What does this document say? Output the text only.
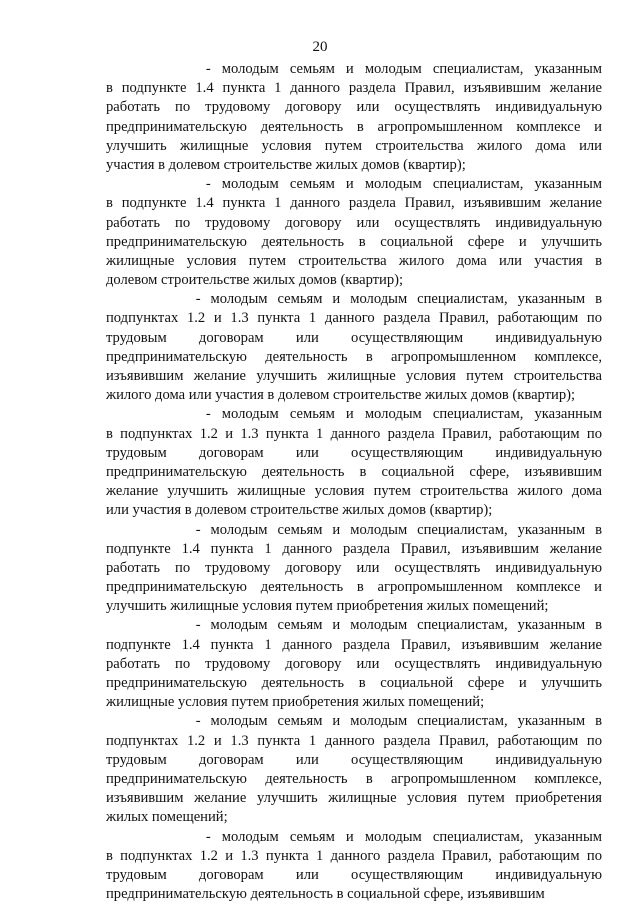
20
- молодым семьям и молодым специалистам, указанным
в подпункте 1.4 пункта 1 данного раздела Правил, изъявившим желание
работать по трудовому договору или осуществлять индивидуальную
предпринимательскую деятельность в агропромышленном комплексе и
улучшить жилищные условия путем строительства жилого дома или
участия в долевом строительстве жилых домов (квартир);
- молодым семьям и молодым специалистам, указанным
в подпункте 1.4 пункта 1 данного раздела Правил, изъявившим желание
работать по трудовому договору или осуществлять индивидуальную
предпринимательскую деятельность в социальной сфере и улучшить
жилищные условия путем строительства жилого дома или участия в
долевом строительстве жилых домов (квартир);
- молодым семьям и молодым специалистам, указанным в
подпунктах 1.2 и 1.3 пункта 1 данного раздела Правил, работающим по
трудовым договорам или осуществляющим индивидуальную
предпринимательскую деятельность в агропромышленном комплексе,
изъявившим желание улучшить жилищные условия путем строительства
жилого дома или участия в долевом строительстве жилых домов (квартир);
- молодым семьям и молодым специалистам, указанным
в подпунктах 1.2 и 1.3 пункта 1 данного раздела Правил, работающим по
трудовым договорам или осуществляющим индивидуальную
предпринимательскую деятельность в социальной сфере, изъявившим
желание улучшить жилищные условия путем строительства жилого дома
или участия в долевом строительстве жилых домов (квартир);
- молодым семьям и молодым специалистам, указанным в
подпункте 1.4 пункта 1 данного раздела Правил, изъявившим желание
работать по трудовому договору или осуществлять индивидуальную
предпринимательскую деятельность в агропромышленном комплексе и
улучшить жилищные условия путем приобретения жилых помещений;
- молодым семьям и молодым специалистам, указанным в
подпункте 1.4 пункта 1 данного раздела Правил, изъявившим желание
работать по трудовому договору или осуществлять индивидуальную
предпринимательскую деятельность в социальной сфере и улучшить
жилищные условия путем приобретения жилых помещений;
- молодым семьям и молодым специалистам, указанным в
подпунктах 1.2 и 1.3 пункта 1 данного раздела Правил, работающим по
трудовым договорам или осуществляющим индивидуальную
предпринимательскую деятельность в агропромышленном комплексе,
изъявившим желание улучшить жилищные условия путем приобретения
жилых помещений;
- молодым семьям и молодым специалистам, указанным
в подпунктах 1.2 и 1.3 пункта 1 данного раздела Правил, работающим по
трудовым договорам или осуществляющим индивидуальную
предпринимательскую деятельность в социальной сфере, изъявившим
